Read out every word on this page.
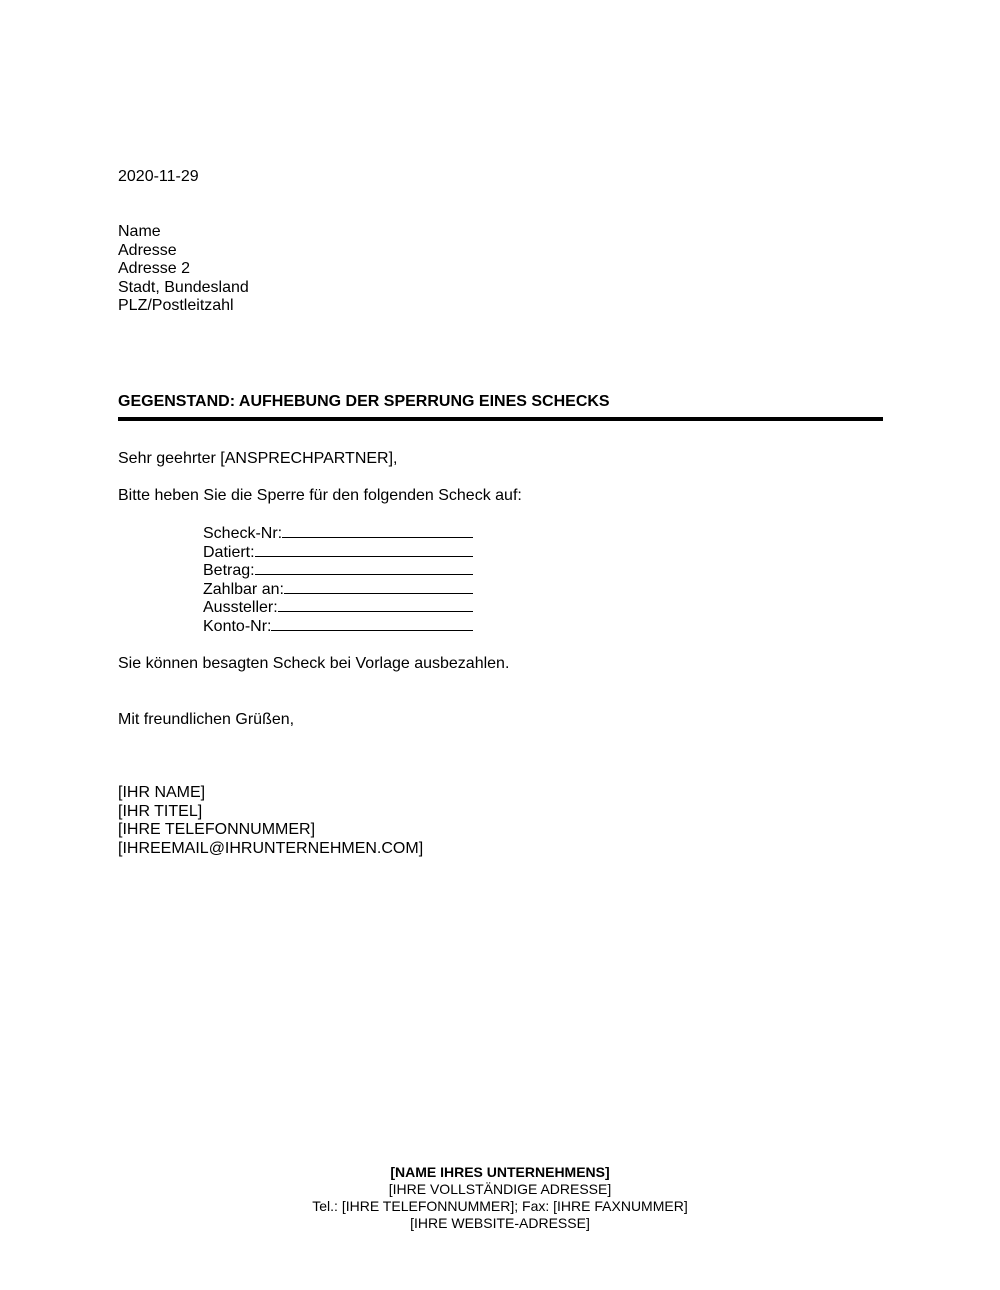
2020-11-29
Name
Adresse
Adresse 2
Stadt, Bundesland
PLZ/Postleitzahl
GEGENSTAND: AUFHEBUNG DER SPERRUNG EINES SCHECKS
Sehr geehrter [ANSPRECHPARTNER],
Bitte heben Sie die Sperre für den folgenden Scheck auf:
Scheck-Nr:
Datiert:
Betrag:
Zahlbar an:
Aussteller:
Konto-Nr:
Sie können besagten Scheck bei Vorlage ausbezahlen.
Mit freundlichen Grüßen,
[IHR NAME]
[IHR TITEL]
[IHRE TELEFONNUMMER]
[IHREEMAIL@IHRUNTERNEHMEN.COM]
[NAME IHRES UNTERNEHMENS]
[IHRE VOLLSTÄNDIGE ADRESSE]
Tel.: [IHRE TELEFONNUMMER]; Fax: [IHRE FAXNUMMER]
[IHRE WEBSITE-ADRESSE]
